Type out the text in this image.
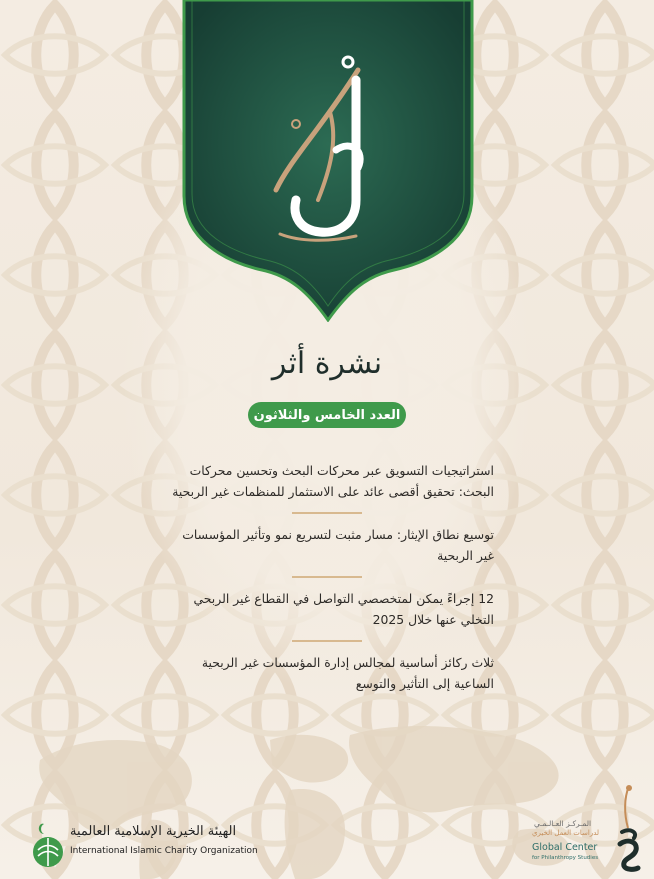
نشرة أثر
العدد الخامس والثلاثون
استراتيجيات التسويق عبر محركات البحث وتحسين محركات
البحث: تحقيق أقصى عائد على الاستثمار للمنظمات غير الربحية
توسيع نطاق الإيثار: مسار مثبت لتسريع نمو وتأثير المؤسسات
غير الربحية
12 إجراءً يمكن لمتخصصي التواصل في القطاع غير الربحي
التخلي عنها خلال 2025
ثلاث ركائز أساسية لمجالس إدارة المؤسسات غير الربحية
الساعية إلى التأثير والتوسع
الهيئة الخيرية الإسلامية العالمية
International Islamic Charity Organization
المـركـز العـالـمـي
لدراسات العمل الخيري
Global Center
for Philanthropy Studies
